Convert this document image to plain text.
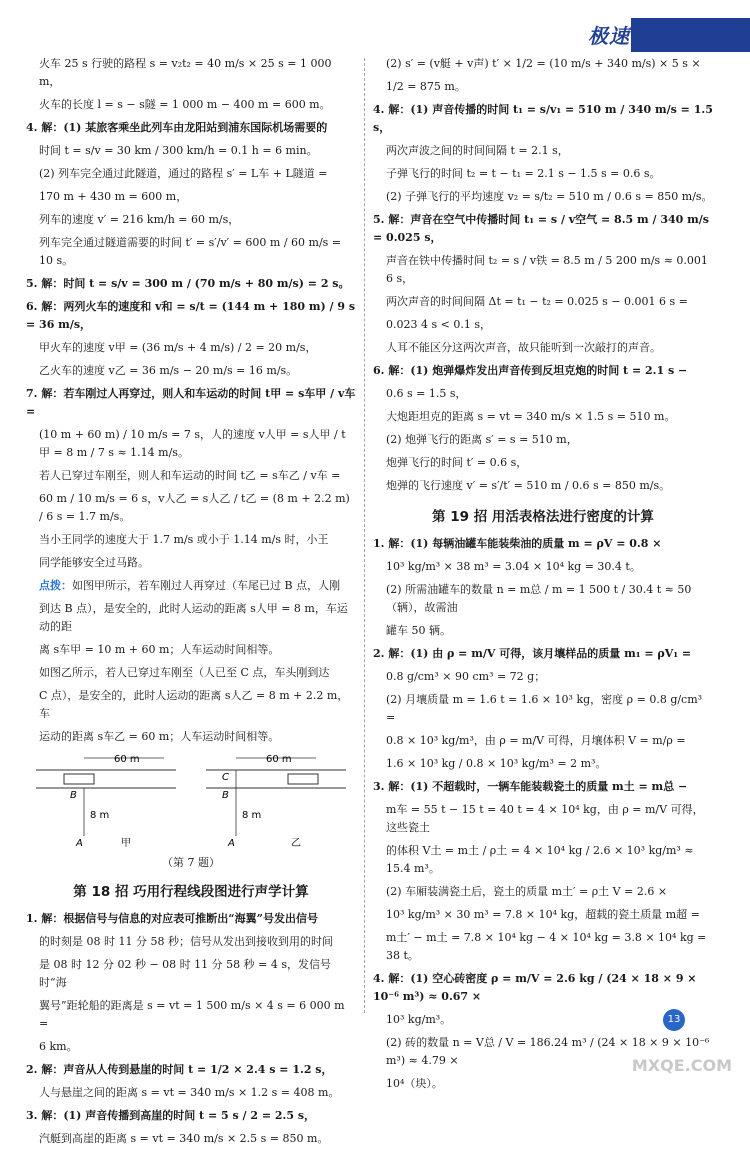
极速提分法

火车 25 s 行驶的路程 s = v₂t₂ = 40 m/s × 25 s = 1 000 m，

火车的长度 l = s − s隧 = 1 000 m − 400 m = 600 m。

4. 解：(1) 某旅客乘坐此列车由龙阳站到浦东国际机场需要的

时间 t = s/v = 30 km / 300 km/h = 0.1 h = 6 min。

(2) 列车完全通过此隧道，通过的路程 s′ = L车 + L隧道 =

170 m + 430 m = 600 m，

列车的速度 v′ = 216 km/h = 60 m/s，

列车完全通过隧道需要的时间 t′ = s′/v′ = 600 m / 60 m/s = 10 s。

5. 解：时间 t = s/v = 300 m / (70 m/s + 80 m/s) = 2 s。

6. 解：两列火车的速度和 v和 = s/t = (144 m + 180 m) / 9 s = 36 m/s，

甲火车的速度 v甲 = (36 m/s + 4 m/s) / 2 = 20 m/s，

乙火车的速度 v乙 = 36 m/s − 20 m/s = 16 m/s。

7. 解：若车刚过人再穿过，则人和车运动的时间 t甲 = s车甲 / v车 =

(10 m + 60 m) / 10 m/s = 7 s，人的速度 v人甲 = s人甲 / t甲 = 8 m / 7 s ≈ 1.14 m/s。

若人已穿过车刚至，则人和车运动的时间 t乙 = s车乙 / v车 =

60 m / 10 m/s = 6 s，v人乙 = s人乙 / t乙 = (8 m + 2.2 m) / 6 s = 1.7 m/s。

当小王同学的速度大于 1.7 m/s 或小于 1.14 m/s 时，小王

同学能够安全过马路。

点拨：如图甲所示，若车刚过人再穿过（车尾已过 B 点，人刚

到达 B 点），是安全的，此时人运动的距离 s人甲 = 8 m，车运动的距

离 s车甲 = 10 m + 60 m；人车运动时间相等。

如图乙所示，若人已穿过车刚至（人已至 C 点，车头刚到达

C 点），是安全的，此时人运动的距离 s人乙 = 8 m + 2.2 m，车

运动的距离 s车乙 = 60 m；人车运动时间相等。

60 m
B
8 m
A	甲
60 m
C
B
8 m
A	乙

（第 7 题）

第 18 招 巧用行程线段图进行声学计算

1. 解：根据信号与信息的对应表可推断出“海翼”号发出信号

的时刻是 08 时 11 分 58 秒；信号从发出到接收到用的时间

是 08 时 12 分 02 秒 − 08 时 11 分 58 秒 = 4 s，发信号时“海

翼号”距轮船的距离是 s = vt = 1 500 m/s × 4 s = 6 000 m =

6 km。

2. 解：声音从人传到悬崖的时间 t = 1/2 × 2.4 s = 1.2 s，

人与悬崖之间的距离 s = vt = 340 m/s × 1.2 s = 408 m。

3. 解：(1) 声音传播到高崖的时间 t = 5 s / 2 = 2.5 s，

汽艇到高崖的距离 s = vt = 340 m/s × 2.5 s = 850 m。

(2) s′ = (v艇 + v声) t′ × 1/2 = (10 m/s + 340 m/s) × 5 s ×

1/2 = 875 m。

4. 解：(1) 声音传播的时间 t₁ = s/v₁ = 510 m / 340 m/s = 1.5 s，

两次声波之间的时间间隔 t = 2.1 s，

子弹飞行的时间 t₂ = t − t₁ = 2.1 s − 1.5 s = 0.6 s。

(2) 子弹飞行的平均速度 v₂ = s/t₂ = 510 m / 0.6 s = 850 m/s。

5. 解：声音在空气中传播时间 t₁ = s / v空气 = 8.5 m / 340 m/s = 0.025 s，

声音在铁中传播时间 t₂ = s / v铁 = 8.5 m / 5 200 m/s ≈ 0.001 6 s，

两次声音的时间间隔 Δt = t₁ − t₂ = 0.025 s − 0.001 6 s =

0.023 4 s < 0.1 s，

人耳不能区分这两次声音，故只能听到一次敲打的声音。

6. 解：(1) 炮弹爆炸发出声音传到反坦克炮的时间 t = 2.1 s −

0.6 s = 1.5 s，

大炮距坦克的距离 s = vt = 340 m/s × 1.5 s = 510 m。

(2) 炮弹飞行的距离 s′ = s = 510 m，

炮弹飞行的时间 t′ = 0.6 s，

炮弹的飞行速度 v′ = s′/t′ = 510 m / 0.6 s = 850 m/s。

第 19 招 用活表格法进行密度的计算

1. 解：(1) 每辆油罐车能装柴油的质量 m = ρV = 0.8 ×

10³ kg/m³ × 38 m³ = 3.04 × 10⁴ kg = 30.4 t。

(2) 所需油罐车的数量 n = m总 / m = 1 500 t / 30.4 t ≈ 50（辆），故需油

罐车 50 辆。

2. 解：(1) 由 ρ = m/V 可得，该月壤样品的质量 m₁ = ρV₁ =

0.8 g/cm³ × 90 cm³ = 72 g；

(2) 月壤质量 m = 1.6 t = 1.6 × 10³ kg，密度 ρ = 0.8 g/cm³ =

0.8 × 10³ kg/m³，由 ρ = m/V 可得，月壤体积 V = m/ρ =

1.6 × 10³ kg / 0.8 × 10³ kg/m³ = 2 m³。

3. 解：(1) 不超载时，一辆车能装载瓷土的质量 m土 = m总 −

m车 = 55 t − 15 t = 40 t = 4 × 10⁴ kg，由 ρ = m/V 可得，这些瓷土

的体积 V土 = m土 / ρ土 = 4 × 10⁴ kg / 2.6 × 10³ kg/m³ ≈ 15.4 m³。

(2) 车厢装满瓷土后，瓷土的质量 m土′ = ρ土 V = 2.6 ×

10³ kg/m³ × 30 m³ = 7.8 × 10⁴ kg，超载的瓷土质量 m超 =

m土′ − m土 = 7.8 × 10⁴ kg − 4 × 10⁴ kg = 3.8 × 10⁴ kg = 38 t。

4. 解：(1) 空心砖密度 ρ = m/V = 2.6 kg / (24 × 18 × 9 × 10⁻⁶ m³) ≈ 0.67 ×

10³ kg/m³。

(2) 砖的数量 n = V总 / V = 186.24 m³ / (24 × 18 × 9 × 10⁻⁶ m³) ≈ 4.79 ×

10⁴（块）。

13
MXQE.COM
